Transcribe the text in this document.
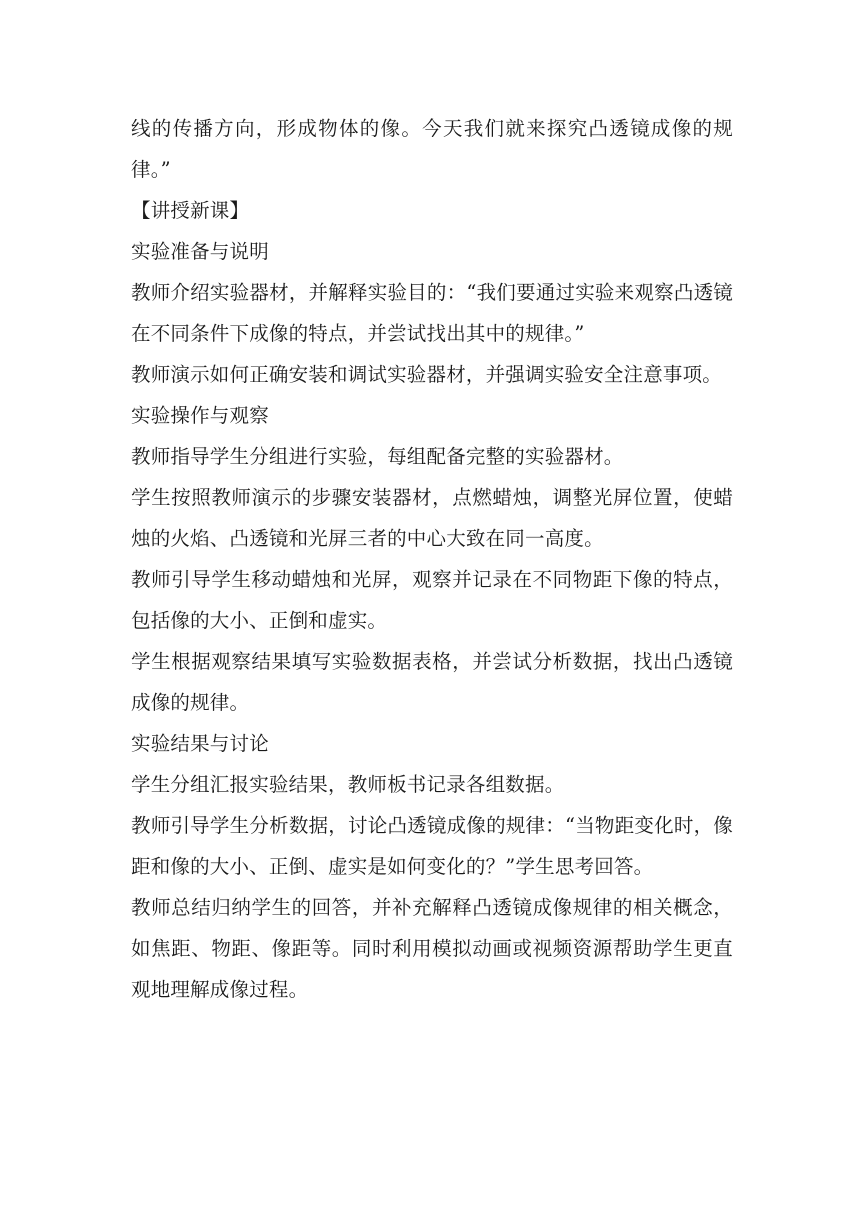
线的传播方向，形成物体的像。今天我们就来探究凸透镜成像的规律。”

【讲授新课】

实验准备与说明

教师介绍实验器材，并解释实验目的：“我们要通过实验来观察凸透镜在不同条件下成像的特点，并尝试找出其中的规律。”

教师演示如何正确安装和调试实验器材，并强调实验安全注意事项。

实验操作与观察

教师指导学生分组进行实验，每组配备完整的实验器材。

学生按照教师演示的步骤安装器材，点燃蜡烛，调整光屏位置，使蜡烛的火焰、凸透镜和光屏三者的中心大致在同一高度。

教师引导学生移动蜡烛和光屏，观察并记录在不同物距下像的特点，包括像的大小、正倒和虚实。

学生根据观察结果填写实验数据表格，并尝试分析数据，找出凸透镜成像的规律。

实验结果与讨论

学生分组汇报实验结果，教师板书记录各组数据。

教师引导学生分析数据，讨论凸透镜成像的规律：“当物距变化时，像距和像的大小、正倒、虚实是如何变化的？”学生思考回答。

教师总结归纳学生的回答，并补充解释凸透镜成像规律的相关概念，如焦距、物距、像距等。同时利用模拟动画或视频资源帮助学生更直观地理解成像过程。
